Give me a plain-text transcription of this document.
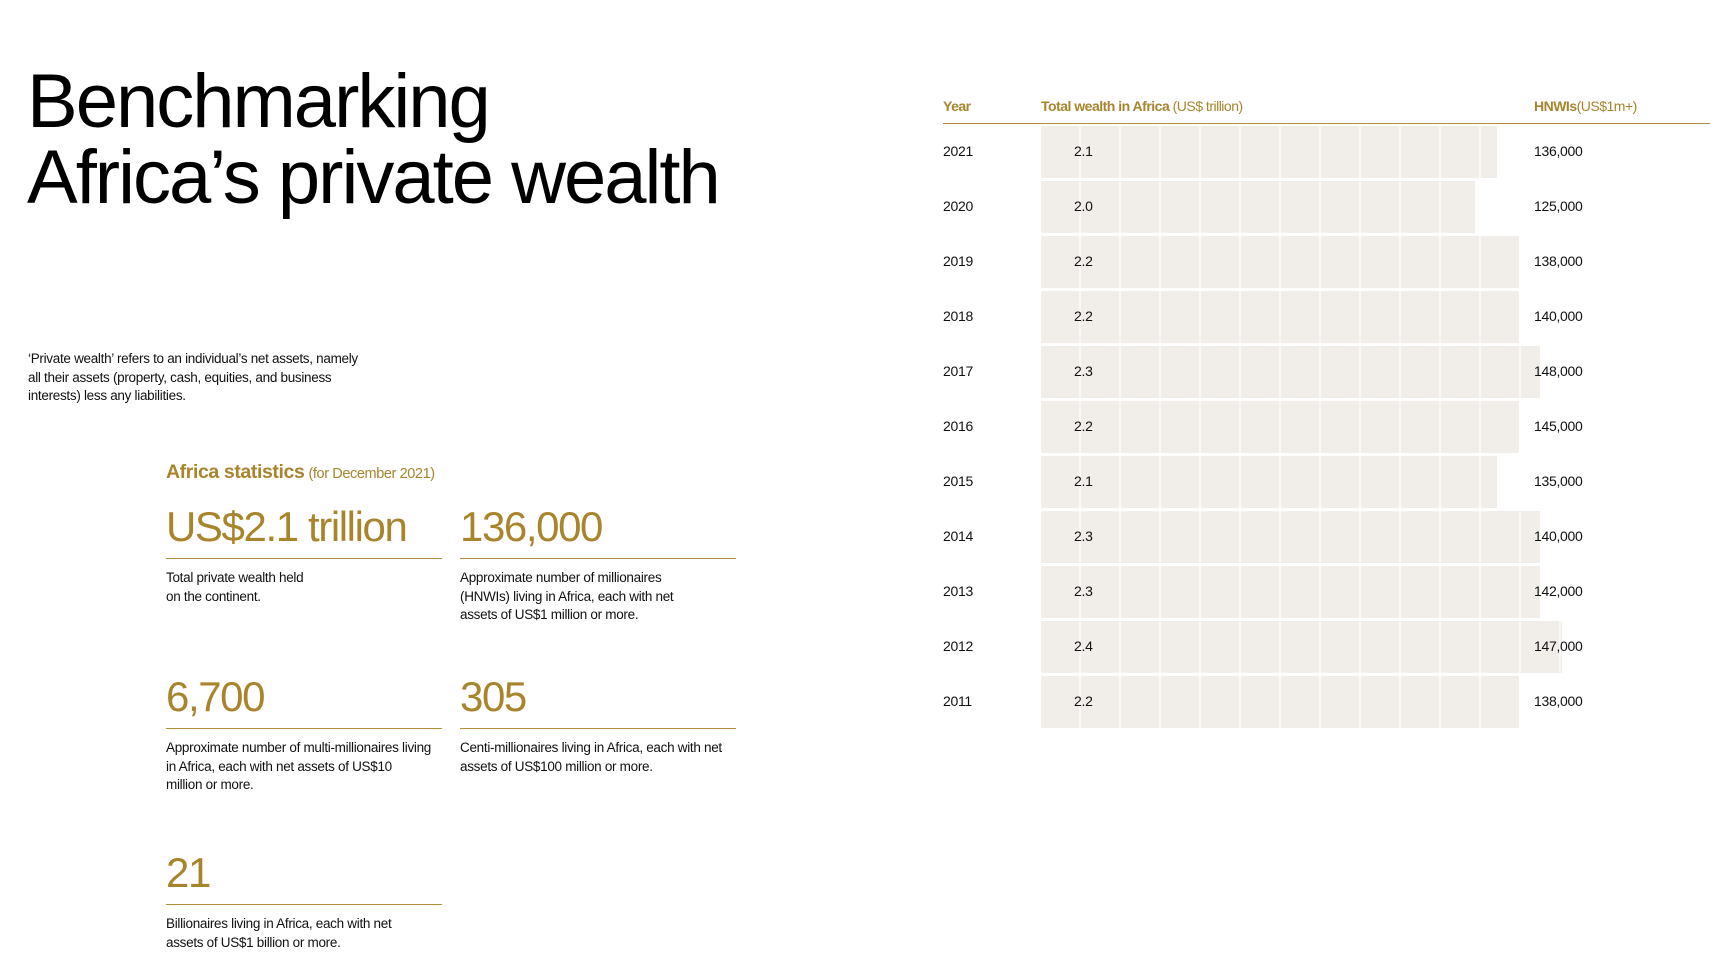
Benchmarking
Africa’s private wealth

‘Private wealth’ refers to an individual’s net assets, namely all their assets (property, cash, equities, and business interests) less any liabilities.

Africa statistics (for December 2021)
US$2.1 trillion
Total private wealth held on the continent.
136,000
Approximate number of millionaires (HNWIs) living in Africa, each with net assets of US$1 million or more.
6,700
Approximate number of multi-millionaires living in Africa, each with net assets of US$10 million or more.
305
Centi-millionaires living in Africa, each with net assets of US$100 million or more.
21
Billionaires living in Africa, each with net assets of US$1 billion or more.
Year	Total wealth in Africa (US$ trillion)	HNWIs(US$1m+)
2021	2.1	136,000
2020	2.0	125,000
2019	2.2	138,000
2018	2.2	140,000
2017	2.3	148,000
2016	2.2	145,000
2015	2.1	135,000
2014	2.3	140,000
2013	2.3	142,000
2012	2.4	147,000
2011	2.2	138,000
